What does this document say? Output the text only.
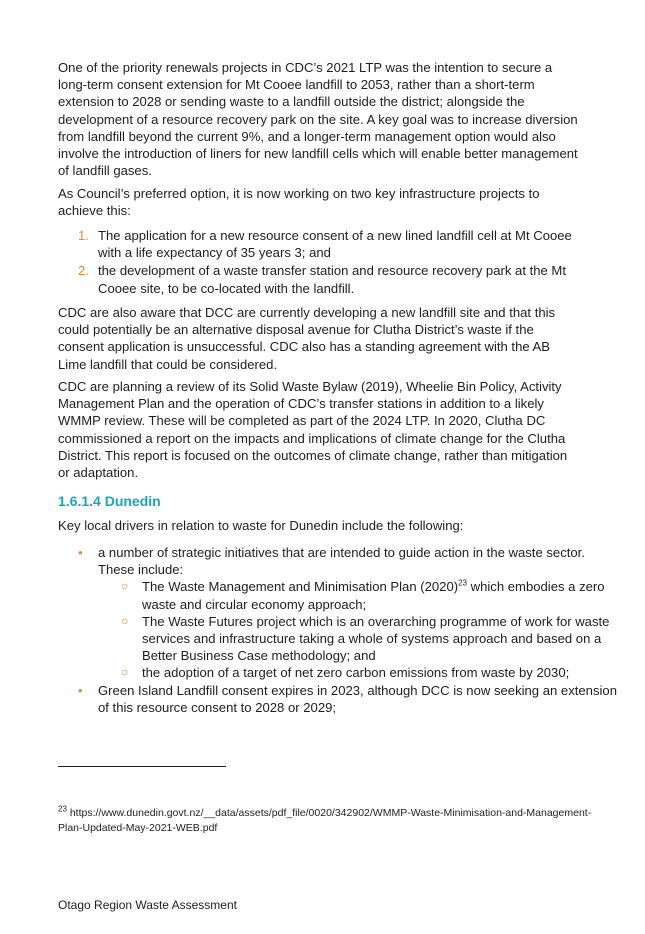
One of the priority renewals projects in CDC’s 2021 LTP was the intention to secure a long-term consent extension for Mt Cooee landfill to 2053, rather than a short-term extension to 2028 or sending waste to a landfill outside the district; alongside the development of a resource recovery park on the site. A key goal was to increase diversion from landfill beyond the current 9%, and a longer-term management option would also involve the introduction of liners for new landfill cells which will enable better management of landfill gases.

As Council’s preferred option, it is now working on two key infrastructure projects to achieve this:

1. The application for a new resource consent of a new lined landfill cell at Mt Cooee with a life expectancy of 35 years 3; and
2. the development of a waste transfer station and resource recovery park at the Mt Cooee site, to be co-located with the landfill.

CDC are also aware that DCC are currently developing a new landfill site and that this could potentially be an alternative disposal avenue for Clutha District’s waste if the consent application is unsuccessful. CDC also has a standing agreement with the AB Lime landfill that could be considered.

CDC are planning a review of its Solid Waste Bylaw (2019), Wheelie Bin Policy, Activity Management Plan and the operation of CDC’s transfer stations in addition to a likely WMMP review. These will be completed as part of the 2024 LTP. In 2020, Clutha DC commissioned a report on the impacts and implications of climate change for the Clutha District. This report is focused on the outcomes of climate change, rather than mitigation or adaptation.

1.6.1.4 Dunedin

Key local drivers in relation to waste for Dunedin include the following:

• a number of strategic initiatives that are intended to guide action in the waste sector. These include:
○ The Waste Management and Minimisation Plan $(2020)^{23}$ which embodies a zero waste and circular economy approach;
○ The Waste Futures project which is an overarching programme of work for waste services and infrastructure taking a whole of systems approach and based on a Better Business Case methodology; and
○ the adoption of a target of net zero carbon emissions from waste by 2030;
• Green Island Landfill consent expires in 2023, although DCC is now seeking an extension of this resource consent to 2028 or 2029;
$^{23}$ https://www.dunedin.govt.nz/__data/assets/pdf_file/0020/342902/WMMP-Waste-Minimisation-and-Management-Plan-Updated-May-2021-WEB.pdf
Otago Region Waste Assessment
